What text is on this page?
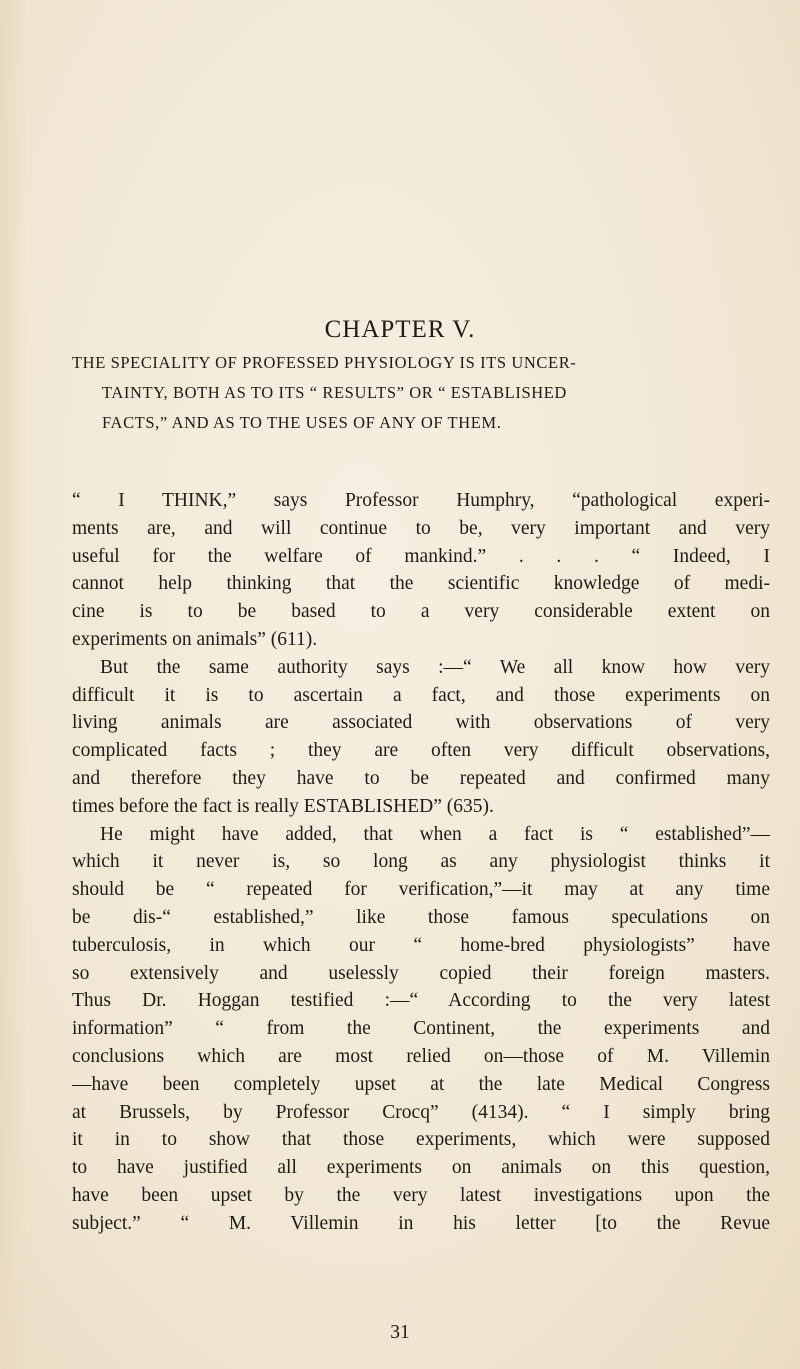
CHAPTER V.
THE SPECIALITY OF PROFESSED PHYSIOLOGY IS ITS UNCER-
TAINTY, BOTH AS TO ITS “ RESULTS” OR “ ESTABLISHED
FACTS,” AND AS TO THE USES OF ANY OF THEM.
“ I THINK,” says Professor Humphry, “pathological experi-
ments are, and will continue to be, very important and very
useful for the welfare of mankind.” . . . “ Indeed, I
cannot help thinking that the scientific knowledge of medi-
cine is to be based to a very considerable extent on
experiments on animals” (611).
But the same authority says :—“ We all know how very
difficult it is to ascertain a fact, and those experiments on
living animals are associated with observations of very
complicated facts ; they are often very difficult observations,
and therefore they have to be repeated and confirmed many
times before the fact is really ESTABLISHED” (635).
He might have added, that when a fact is “ established”—
which it never is, so long as any physiologist thinks it
should be “ repeated for verification,”—it may at any time
be dis-“ established,” like those famous speculations on
tuberculosis, in which our “ home-bred physiologists” have
so extensively and uselessly copied their foreign masters.
Thus Dr. Hoggan testified :—“ According to the very latest
information” “ from the Continent, the experiments and
conclusions which are most relied on—those of M. Villemin
—have been completely upset at the late Medical Congress
at Brussels, by Professor Crocq” (4134). “ I simply bring
it in to show that those experiments, which were supposed
to have justified all experiments on animals on this question,
have been upset by the very latest investigations upon the
subject.” “ M. Villemin in his letter [to the Revue
31
